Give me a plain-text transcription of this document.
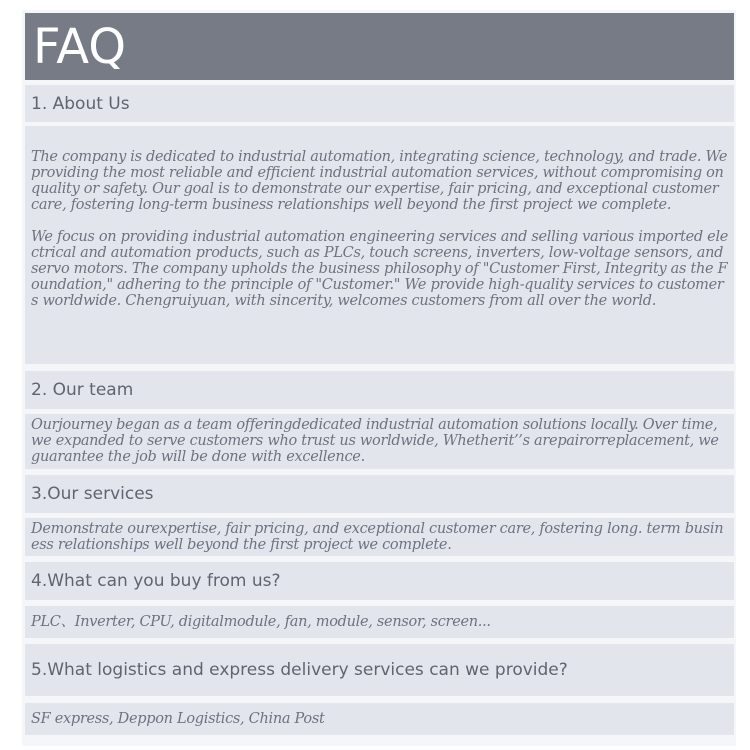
FAQ
1. About Us

The company is dedicated to industrial automation, integrating science, technology, and trade. We providing the most reliable and efficient industrial automation services, without compromising on quality or safety. Our goal is to demonstrate our expertise, fair pricing, and exceptional customer care, fostering long-term business relationships well beyond the first project we complete.

We focus on providing industrial automation engineering services and selling various imported electrical and automation products, such as PLCs, touch screens, inverters, low-voltage sensors, and servo motors. The company upholds the business philosophy of "Customer First, Integrity as the Foundation," adhering to the principle of "Customer." We provide high-quality services to customers worldwide. Chengruiyuan, with sincerity, welcomes customers from all over the world.

2. Our team

Ourjourney began as a team offeringdedicated industrial automation solutions locally. Over time, we expanded to serve customers who trust us worldwide, Whetherit’’s arepairorreplacement, we guarantee the job will be done with excellence.

3.Our services

Demonstrate ourexpertise, fair pricing, and exceptional customer care, fostering long. term business relationships well beyond the first project we complete.

4.What can you buy from us?

PLC、Inverter, CPU, digitalmodule, fan, module, sensor, screen...

5.What logistics and express delivery services can we provide?

SF express, Deppon Logistics, China Post
